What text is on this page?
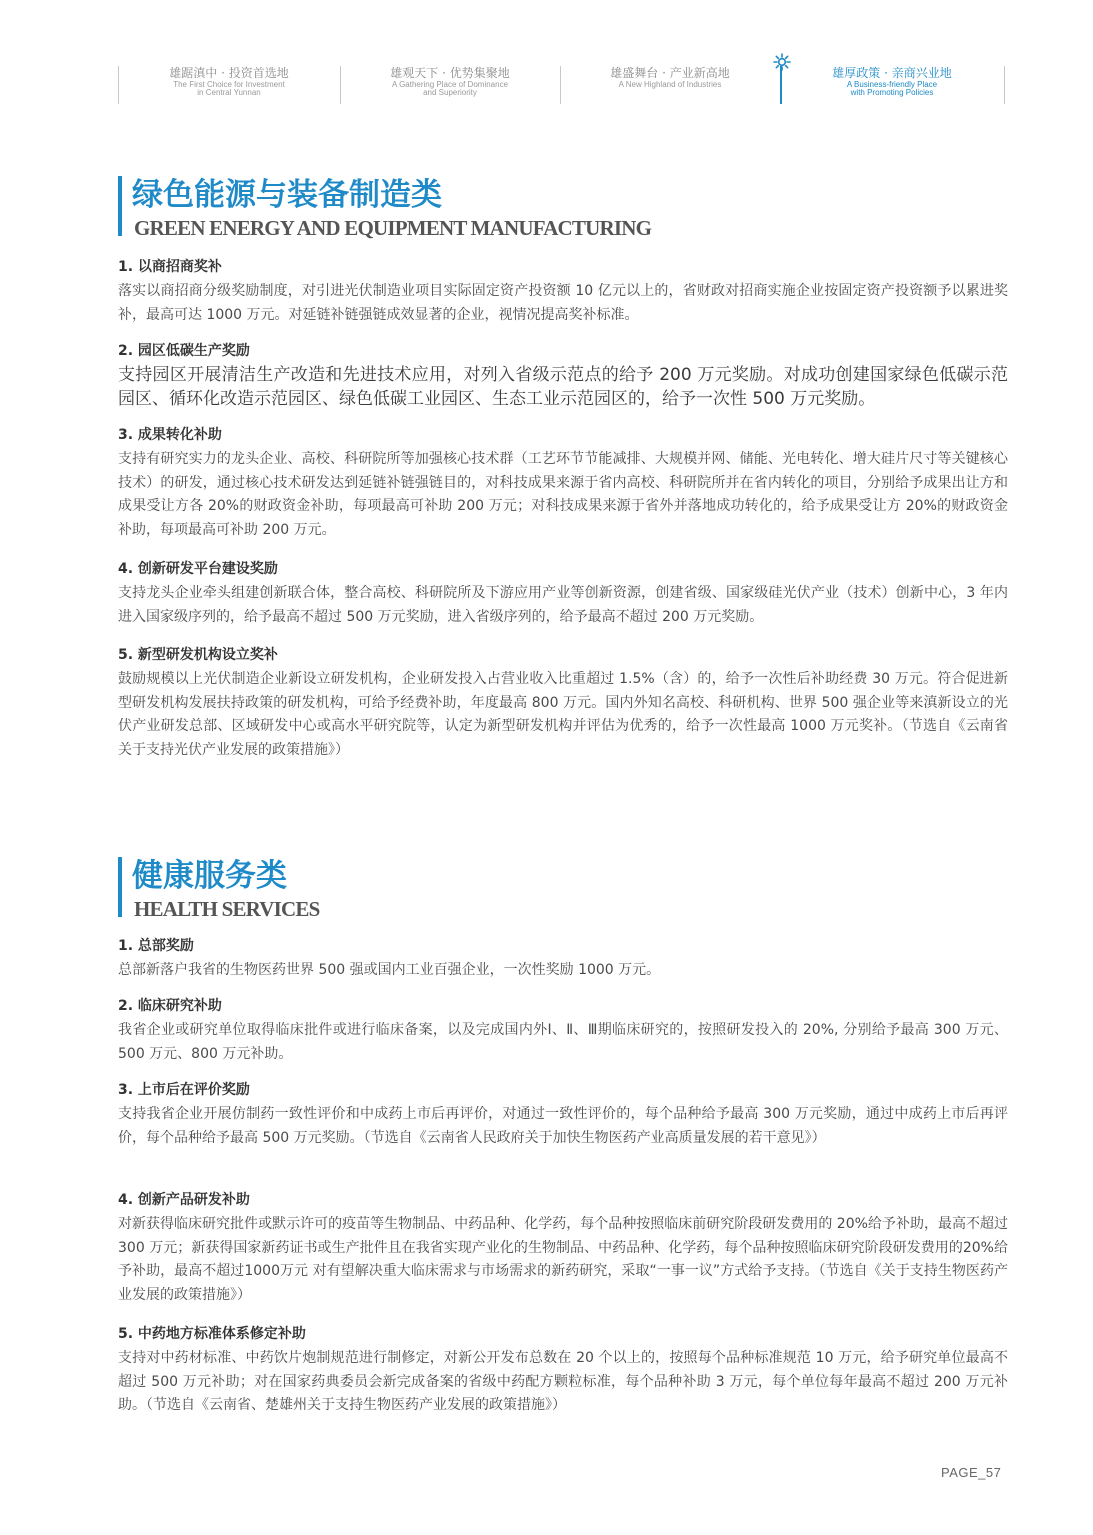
雄踞滇中 · 投资首选地
The First Choice for Investment
in Central Yunnan
雄观天下 · 优势集聚地
A Gathering Place of Dominance
and Superiority
雄盛舞台 · 产业新高地
A New Highland of Industries
雄厚政策 · 亲商兴业地
A Business-friendly Place
with Promoting Policies
绿色能源与装备制造类
GREEN ENERGY AND EQUIPMENT MANUFACTURING
1. 以商招商奖补

落实以商招商分级奖励制度，对引进光伏制造业项目实际固定资产投资额 10 亿元以上的，省财政对招商实施企业按固定资产投资额予以累进奖补，最高可达 1000 万元。对延链补链强链成效显著的企业，视情况提高奖补标准。

2. 园区低碳生产奖励

支持园区开展清洁生产改造和先进技术应用，对列入省级示范点的给予 200 万元奖励。对成功创建国家绿色低碳示范园区、循环化改造示范园区、绿色低碳工业园区、生态工业示范园区的，给予一次性 500 万元奖励。

3. 成果转化补助

支持有研究实力的龙头企业、高校、科研院所等加强核心技术群（工艺环节节能减排、大规模并网、储能、光电转化、增大硅片尺寸等关键核心技术）的研发，通过核心技术研发达到延链补链强链目的，对科技成果来源于省内高校、科研院所并在省内转化的项目，分别给予成果出让方和成果受让方各 20%的财政资金补助，每项最高可补助 200 万元；对科技成果来源于省外并落地成功转化的，给予成果受让方 20%的财政资金补助，每项最高可补助 200 万元。

4. 创新研发平台建设奖励

支持龙头企业牵头组建创新联合体，整合高校、科研院所及下游应用产业等创新资源，创建省级、国家级硅光伏产业（技术）创新中心，3 年内进入国家级序列的，给予最高不超过 500 万元奖励，进入省级序列的，给予最高不超过 200 万元奖励。

5. 新型研发机构设立奖补

鼓励规模以上光伏制造企业新设立研发机构，企业研发投入占营业收入比重超过 1.5%（含）的，给予一次性后补助经费 30 万元。符合促进新型研发机构发展扶持政策的研发机构，可给予经费补助，年度最高 800 万元。国内外知名高校、科研机构、世界 500 强企业等来滇新设立的光伏产业研发总部、区域研发中心或高水平研究院等，认定为新型研发机构并评估为优秀的，给予一次性最高 1000 万元奖补。（节选自《云南省关于支持光伏产业发展的政策措施》）

健康服务类
HEALTH SERVICES
1. 总部奖励

总部新落户我省的生物医药世界 500 强或国内工业百强企业，一次性奖励 1000 万元。

2. 临床研究补助

我省企业或研究单位取得临床批件或进行临床备案，以及完成国内外Ⅰ、Ⅱ、Ⅲ期临床研究的，按照研发投入的 20%, 分别给予最高 300 万元、500 万元、800 万元补助。

3. 上市后在评价奖励

支持我省企业开展仿制药一致性评价和中成药上市后再评价，对通过一致性评价的，每个品种给予最高 300 万元奖励，通过中成药上市后再评价，每个品种给予最高 500 万元奖励。（节选自《云南省人民政府关于加快生物医药产业高质量发展的若干意见》）

4. 创新产品研发补助

对新获得临床研究批件或默示许可的疫苗等生物制品、中药品种、化学药，每个品种按照临床前研究阶段研发费用的 20%给予补助，最高不超过 300 万元；新获得国家新药证书或生产批件且在我省实现产业化的生物制品、中药品种、化学药，每个品种按照临床研究阶段研发费用的20%给予补助，最高不超过1000万元 对有望解决重大临床需求与市场需求的新药研究，采取“一事一议”方式给予支持。（节选自《关于支持生物医药产业发展的政策措施》）

5. 中药地方标准体系修定补助

支持对中药材标准、中药饮片炮制规范进行制修定，对新公开发布总数在 20 个以上的，按照每个品种标准规范 10 万元，给予研究单位最高不超过 500 万元补助；对在国家药典委员会新完成备案的省级中药配方颗粒标准，每个品种补助 3 万元，每个单位每年最高不超过 200 万元补助。（节选自《云南省、楚雄州关于支持生物医药产业发展的政策措施》）

PAGE_57
